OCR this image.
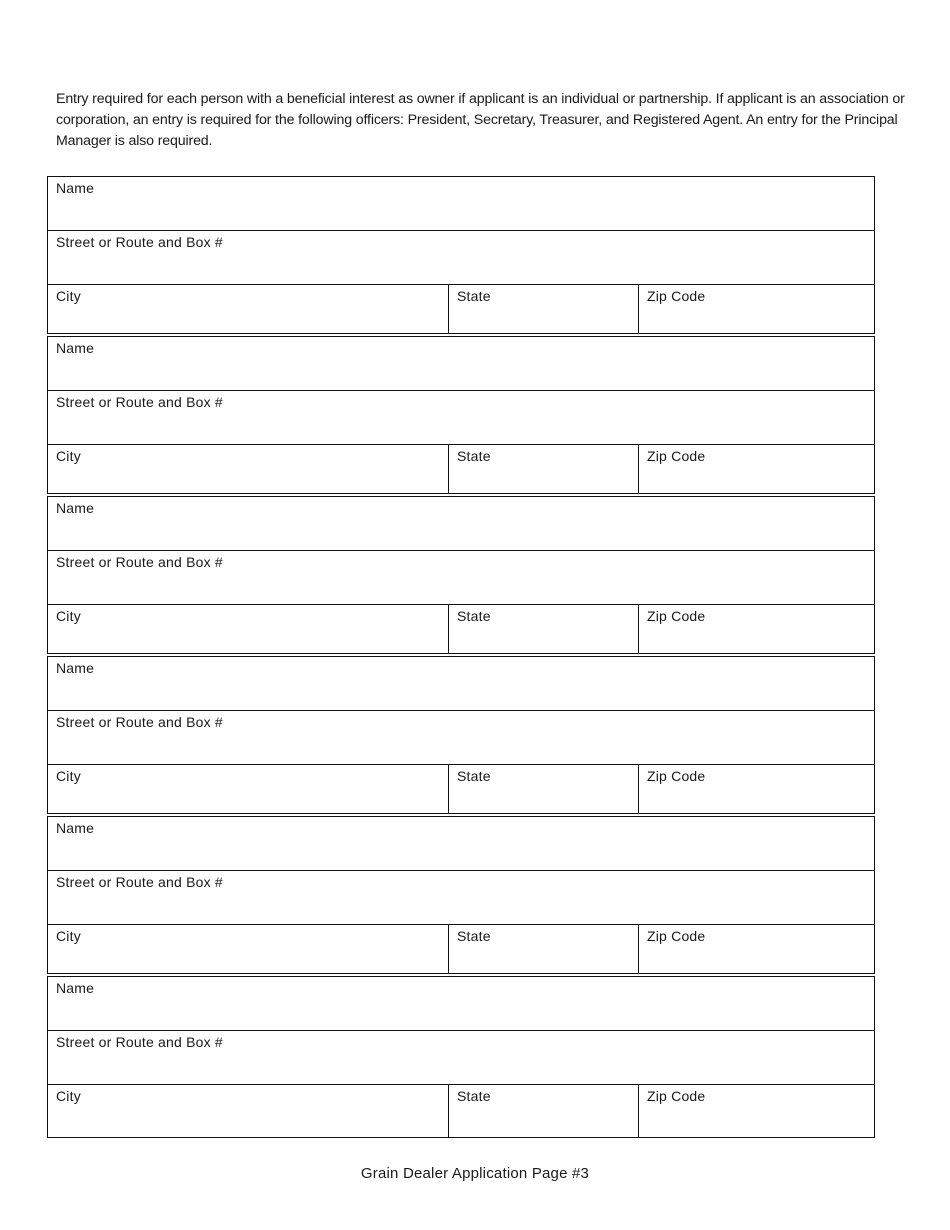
Entry required for each person with a beneficial interest as owner if applicant is an individual or partnership. If applicant is an association or corporation, an entry is required for the following officers: President, Secretary, Treasurer, and Registered Agent. An entry for the Principal Manager is also required.

Name
Street or Route and Box #
City	State	Zip Code
Name
Street or Route and Box #
City	State	Zip Code
Name
Street or Route and Box #
City	State	Zip Code
Name
Street or Route and Box #
City	State	Zip Code
Name
Street or Route and Box #
City	State	Zip Code
Name
Street or Route and Box #
City	State	Zip Code
Grain Dealer Application Page #3
